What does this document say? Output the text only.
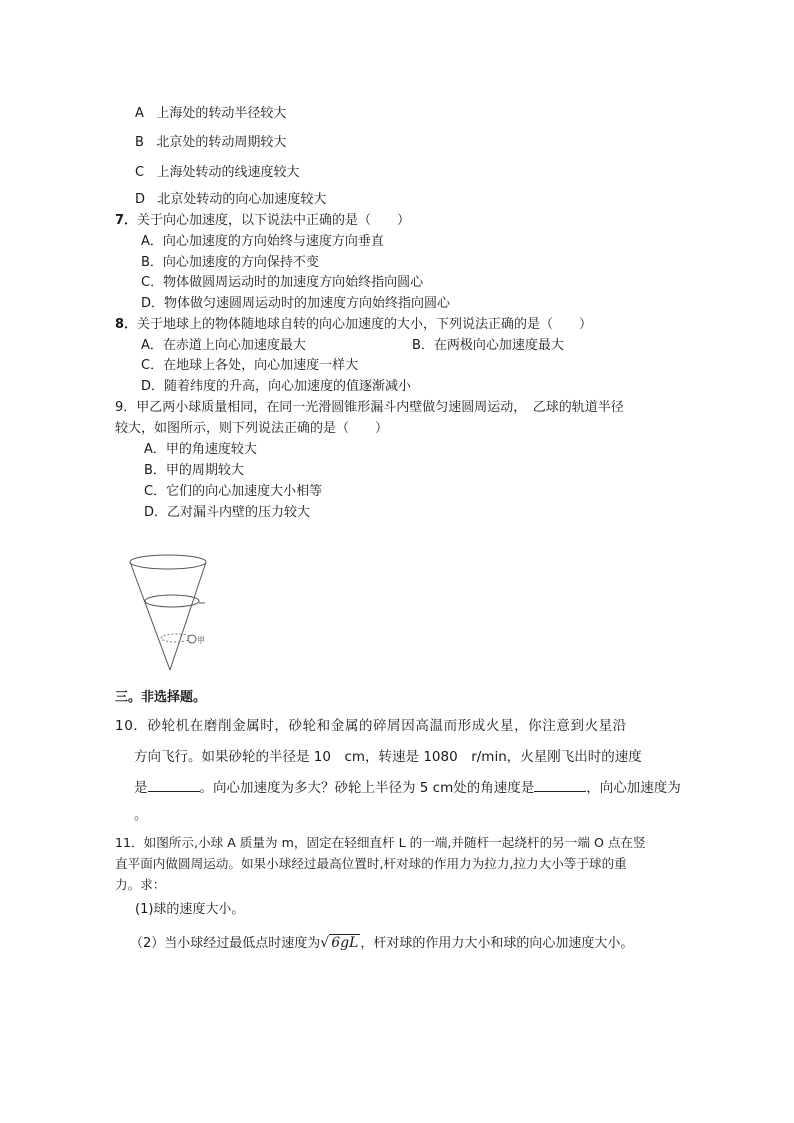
A 上海处的转动半径较大
B 北京处的转动周期较大
C 上海处转动的线速度较大
D 北京处转动的向心加速度较大
7．关于向心加速度，以下说法中正确的是（　　）
A．向心加速度的方向始终与速度方向垂直
B．向心加速度的方向保持不变
C．物体做圆周运动时的加速度方向始终指向圆心
D．物体做匀速圆周运动时的加速度方向始终指向圆心
8．关于地球上的物体随地球自转的向心加速度的大小，下列说法正确的是（　　）
A．在赤道上向心加速度最大	B．在两极向心加速度最大
C．在地球上各处，向心加速度一样大
D．随着纬度的升高，向心加速度的值逐渐减小
9．甲乙两小球质量相同，在同一光滑圆锥形漏斗内壁做匀速圆周运动，　乙球的轨道半径
较大，如图所示，则下列说法正确的是（　　）
A．甲的角速度较大
B．甲的周期较大
C．它们的向心加速度大小相等
D．乙对漏斗内壁的压力较大
甲
三。非选择题。
10．砂轮机在磨削金属时，砂轮和金属的碎屑因高温而形成火星，你注意到火星沿
方向飞行。如果砂轮的半径是 10　cm，转速是 1080　r/min，火星刚飞出时的速度
是	。向心加速度为多大？砂轮上半径为 5 cm处的角速度是	，向心加速度为
。
11．如图所示,小球 A 质量为 m，固定在轻细直杆 L 的一端,并随杆一起绕杆的另一端 O 点在竖
直平面内做圆周运动。如果小球经过最高位置时,杆对球的作用力为拉力,拉力大小等于球的重
力。求：
(1)球的速度大小。
（2）当小球经过最低点时速度为√ 6gL ，杆对球的作用力大小和球的向心加速度大小。
